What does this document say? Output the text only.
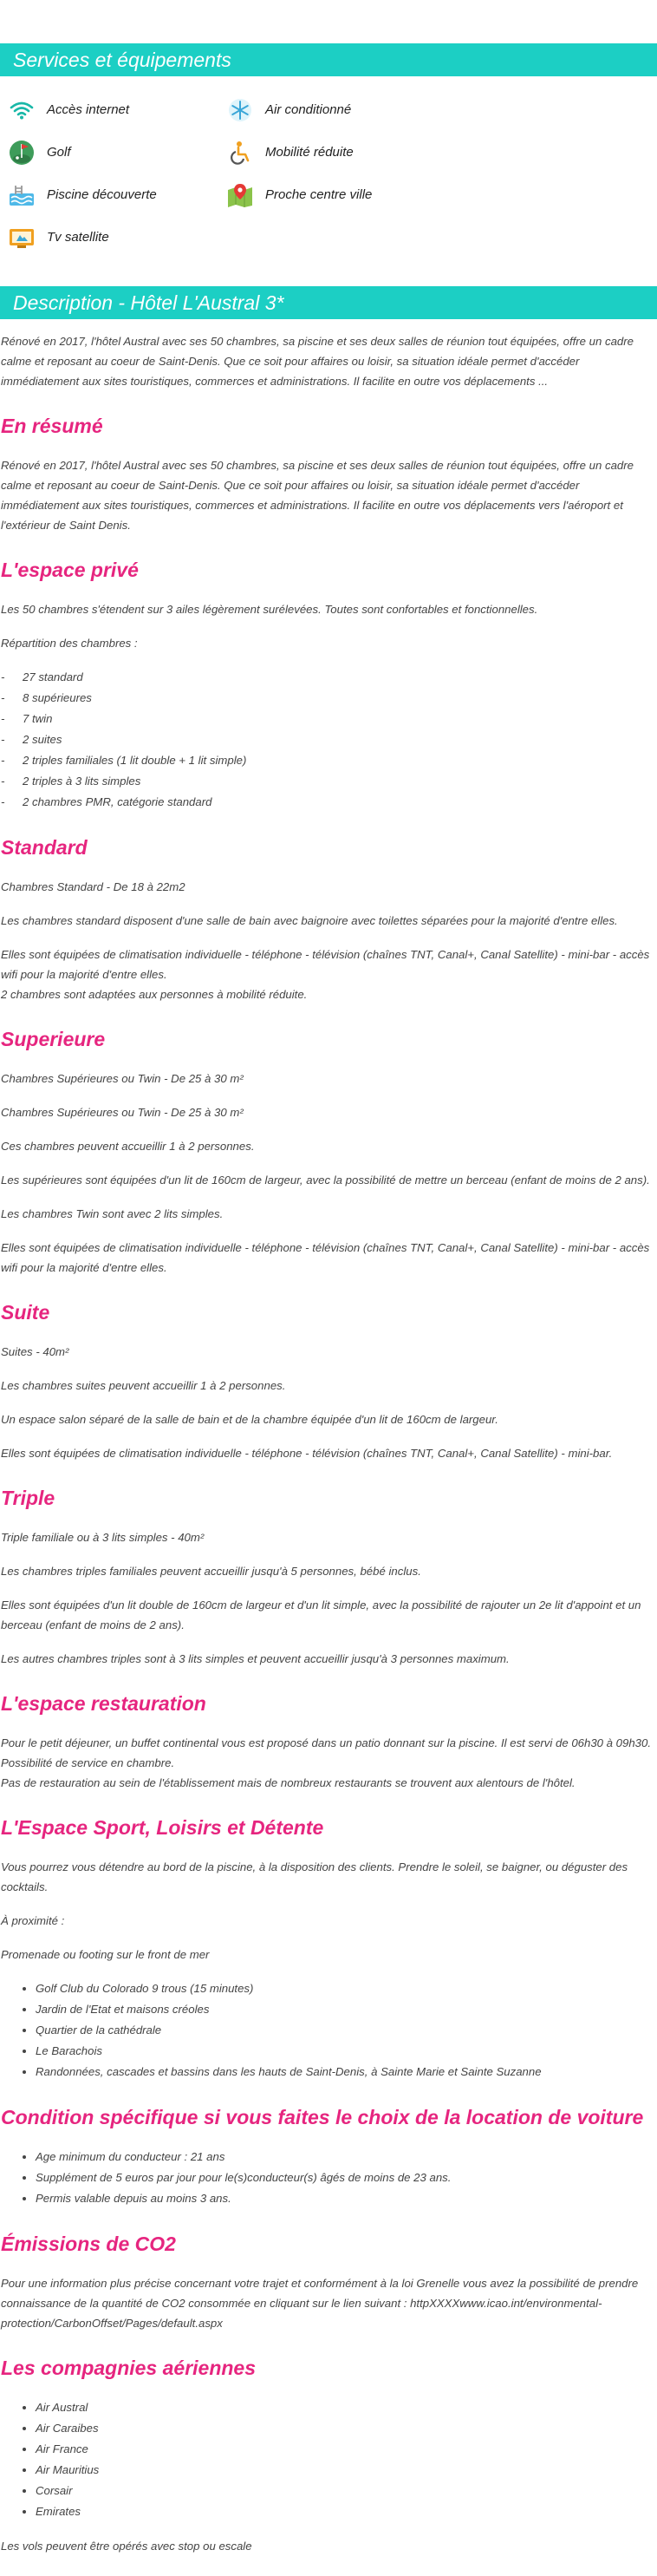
Services et équipements
Accès internet	Air conditionné
Golf	Mobilité réduite
Piscine découverte	Proche centre ville
Tv satellite
Description - Hôtel L'Austral 3*

Rénové en 2017, l'hôtel Austral avec ses 50 chambres, sa piscine et ses deux salles de réunion tout équipées, offre un cadre calme et reposant au coeur de Saint-Denis. Que ce soit pour affaires ou loisir, sa situation idéale permet d'accéder immédiatement aux sites touristiques, commerces et administrations. Il facilite en outre vos déplacements ...

En résumé

Rénové en 2017, l'hôtel Austral avec ses 50 chambres, sa piscine et ses deux salles de réunion tout équipées, offre un cadre calme et reposant au coeur de Saint-Denis. Que ce soit pour affaires ou loisir, sa situation idéale permet d'accéder immédiatement aux sites touristiques, commerces et administrations. Il facilite en outre vos déplacements vers l'aéroport et l'extérieur de Saint Denis.

L'espace privé

Les 50 chambres s'étendent sur 3 ailes légèrement surélevées. Toutes sont confortables et fonctionnelles.

Répartition des chambres :

- 27 standard
- 8 supérieures
- 7 twin
- 2 suites
- 2 triples familiales (1 lit double + 1 lit simple)
- 2 triples à 3 lits simples
- 2 chambres PMR, catégorie standard
Standard

Chambres Standard - De 18 à 22m2

Les chambres standard disposent d'une salle de bain avec baignoire avec toilettes séparées pour la majorité d'entre elles.

Elles sont équipées de climatisation individuelle - téléphone - télévision (chaînes TNT, Canal+, Canal Satellite) - mini-bar - accès wifi pour la majorité d'entre elles.
2 chambres sont adaptées aux personnes à mobilité réduite.

Superieure

Chambres Supérieures ou Twin - De 25 à 30 m²

Chambres Supérieures ou Twin - De 25 à 30 m²

Ces chambres peuvent accueillir 1 à 2 personnes.

Les supérieures sont équipées d'un lit de 160cm de largeur, avec la possibilité de mettre un berceau (enfant de moins de 2 ans).

Les chambres Twin sont avec 2 lits simples.

Elles sont équipées de climatisation individuelle - téléphone - télévision (chaînes TNT, Canal+, Canal Satellite) - mini-bar - accès wifi pour la majorité d'entre elles.

Suite

Suites - 40m²

Les chambres suites peuvent accueillir 1 à 2 personnes.

Un espace salon séparé de la salle de bain et de la chambre équipée d'un lit de 160cm de largeur.

Elles sont équipées de climatisation individuelle - téléphone - télévision (chaînes TNT, Canal+, Canal Satellite) - mini-bar.

Triple

Triple familiale ou à 3 lits simples - 40m²

Les chambres triples familiales peuvent accueillir jusqu'à 5 personnes, bébé inclus.

Elles sont équipées d'un lit double de 160cm de largeur et d'un lit simple, avec la possibilité de rajouter un 2e lit d'appoint et un berceau (enfant de moins de 2 ans).

Les autres chambres triples sont à 3 lits simples et peuvent accueillir jusqu'à 3 personnes maximum.

L'espace restauration

Pour le petit déjeuner, un buffet continental vous est proposé dans un patio donnant sur la piscine. Il est servi de 06h30 à 09h30. Possibilité de service en chambre.
Pas de restauration au sein de l'établissement mais de nombreux restaurants se trouvent aux alentours de l'hôtel.

L'Espace Sport, Loisirs et Détente

Vous pourrez vous détendre au bord de la piscine, à la disposition des clients. Prendre le soleil, se baigner, ou déguster des cocktails.

À proximité :

Promenade ou footing sur le front de mer

• Golf Club du Colorado 9 trous (15 minutes)
• Jardin de l'Etat et maisons créoles
• Quartier de la cathédrale
• Le Barachois
• Randonnées, cascades et bassins dans les hauts de Saint-Denis, à Sainte Marie et Sainte Suzanne
Condition spécifique si vous faites le choix de la location de voiture
• Age minimum du conducteur : 21 ans
• Supplément de 5 euros par jour pour le(s)conducteur(s) âgés de moins de 23 ans.
• Permis valable depuis au moins 3 ans.
Émissions de CO2

Pour une information plus précise concernant votre trajet et conformément à la loi Grenelle vous avez la possibilité de prendre connaissance de la quantité de CO2 consommée en cliquant sur le lien suivant : httpXXXXwww.icao.int/environmental-protection/CarbonOffset/Pages/default.aspx

Les compagnies aériennes
• Air Austral
• Air Caraibes
• Air France
• Air Mauritius
• Corsair
• Emirates

Les vols peuvent être opérés avec stop ou escale
